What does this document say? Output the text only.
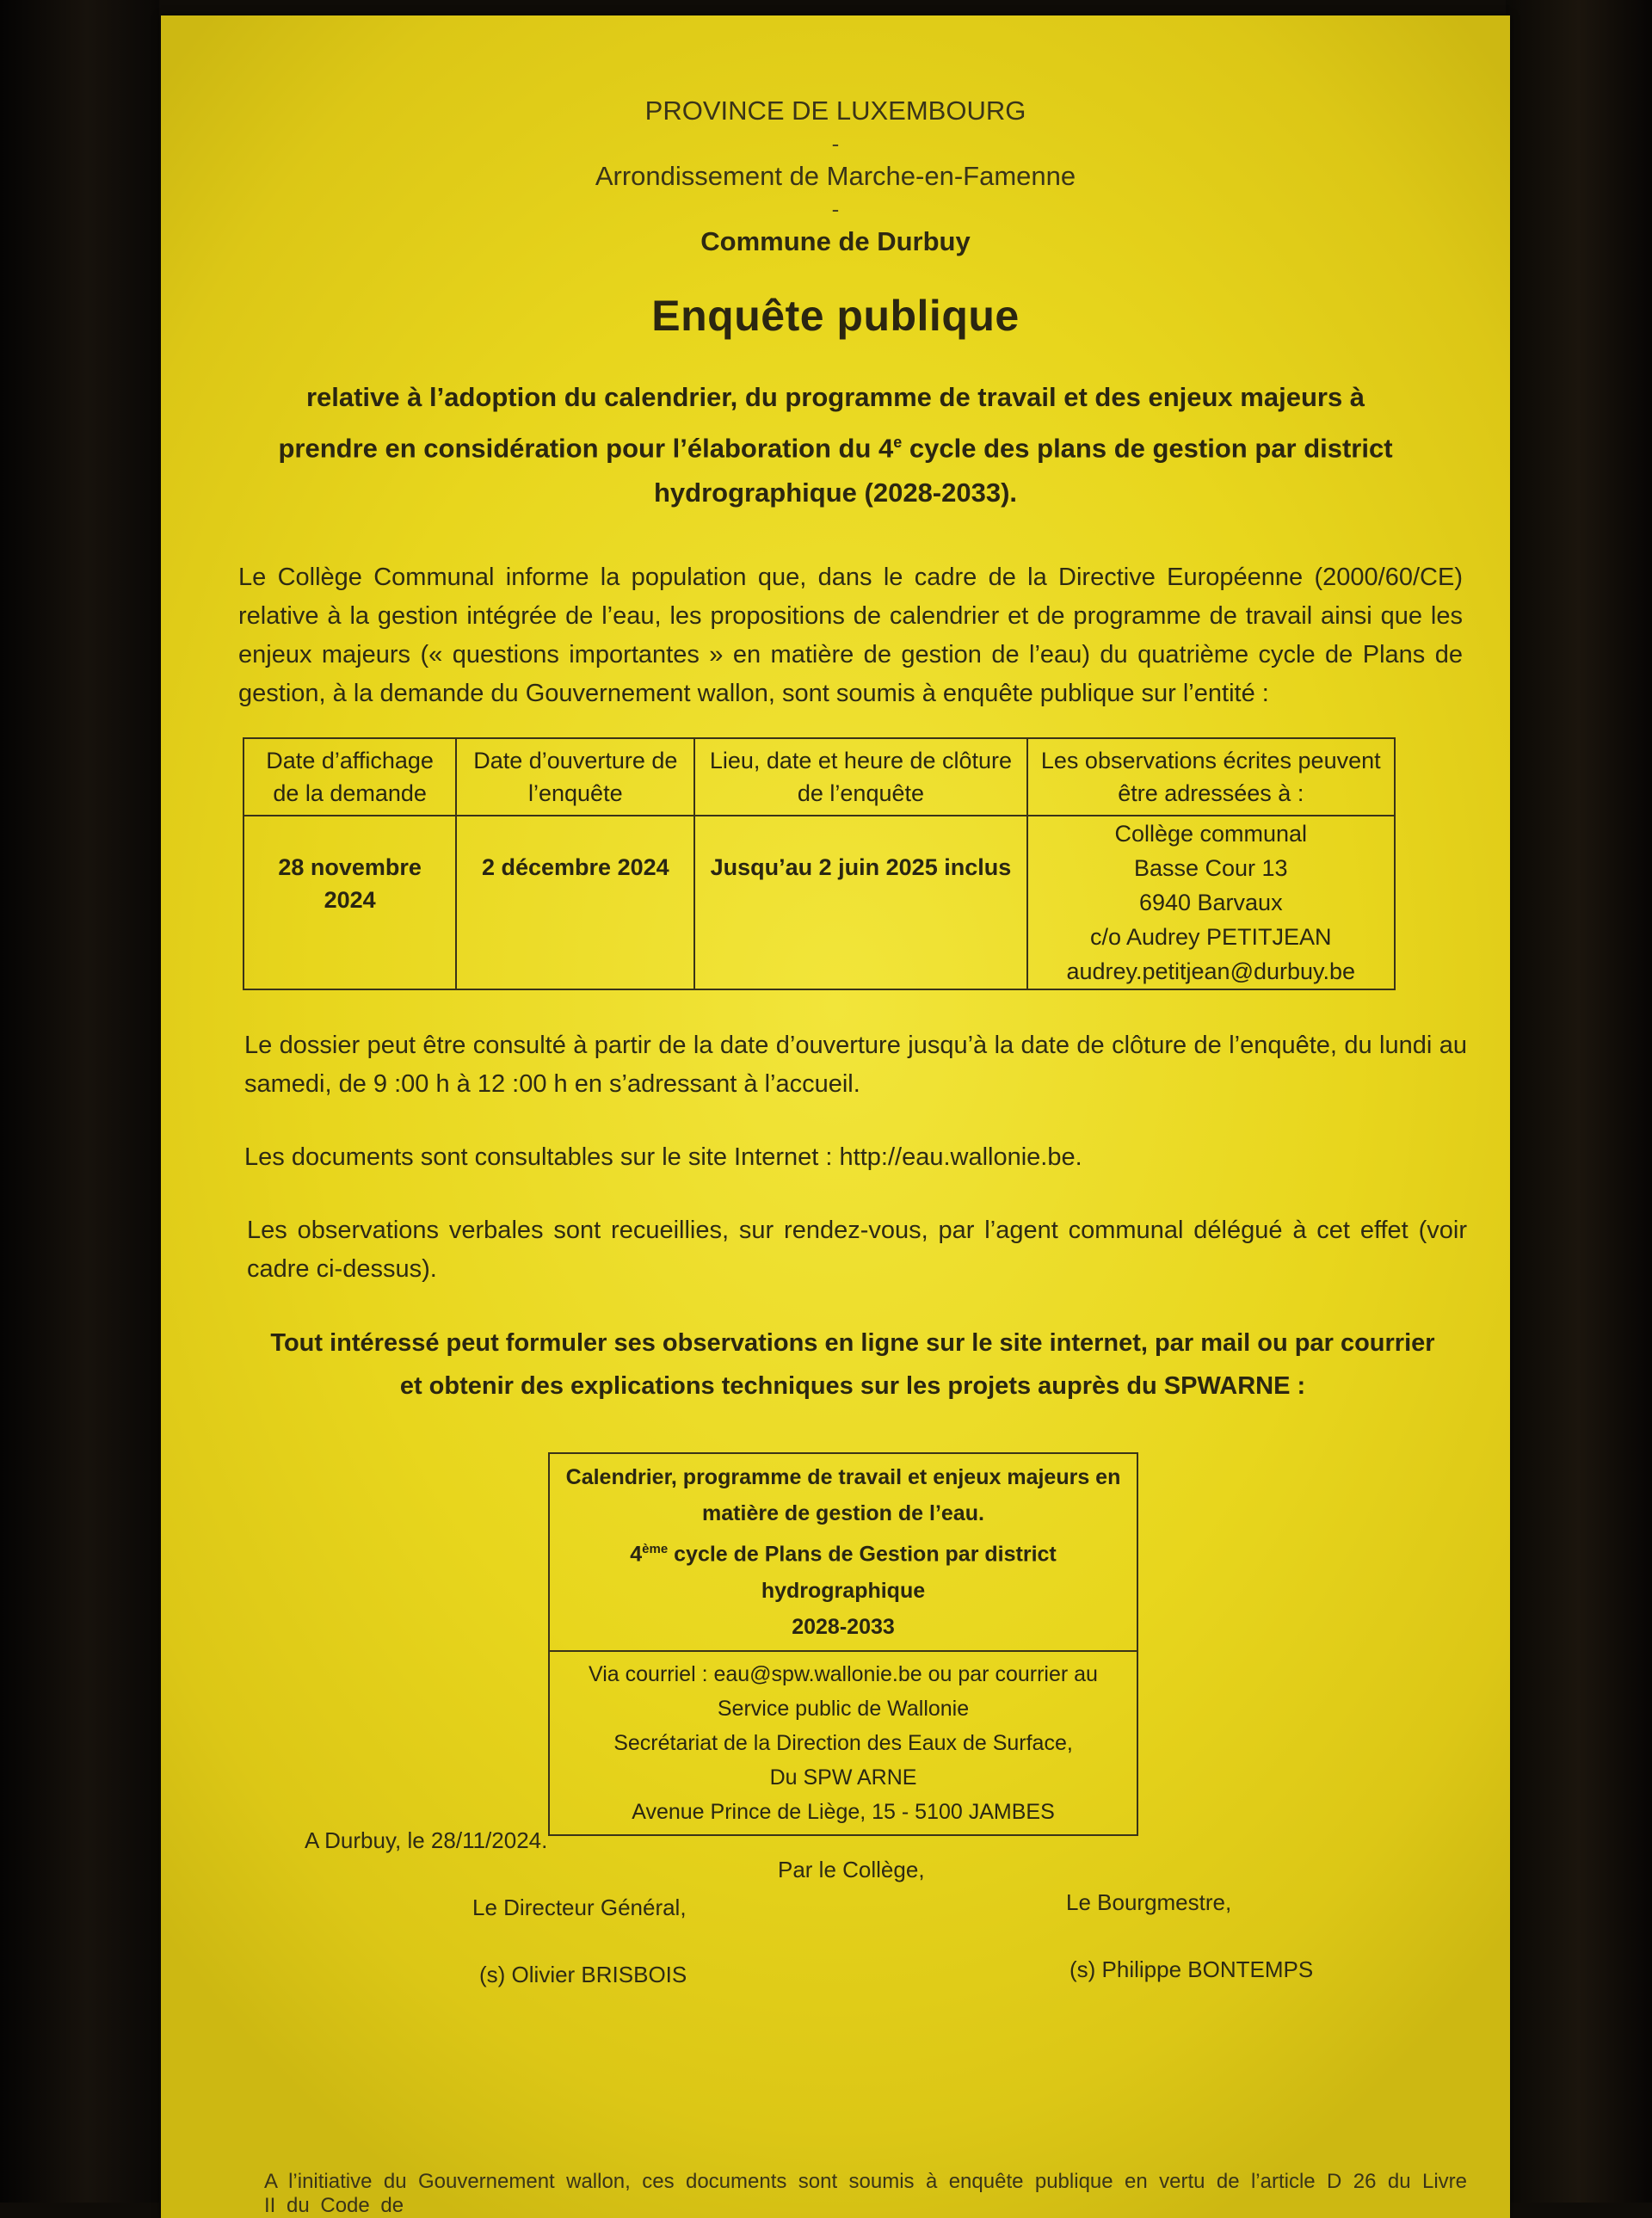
PROVINCE DE LUXEMBOURG
-
Arrondissement de Marche-en-Famenne
-
Commune de Durbuy
Enquête publique
relative à l’adoption du calendrier, du programme de travail et des enjeux majeurs à prendre en considération pour l’élaboration du 4e cycle des plans de gestion par district hydrographique (2028-2033).

Le Collège Communal informe la population que, dans le cadre de la Directive Européenne (2000/60/CE) relative à la gestion intégrée de l’eau, les propositions de calendrier et de programme de travail ainsi que les enjeux majeurs (« questions importantes » en matière de gestion de l’eau) du quatrième cycle de Plans de gestion, à la demande du Gouvernement wallon, sont soumis à enquête publique sur l’entité :

Date d’affichage de la demande	Date d’ouverture de l’enquête	Lieu, date et heure de clôture de l’enquête	Les observations écrites peuvent être adressées à :
28 novembre 2024	2 décembre 2024	Jusqu’au 2 juin 2025 inclus	Collège communal
Basse Cour 13
6940 Barvaux
c/o Audrey PETITJEAN
audrey.petitjean@durbuy.be

Le dossier peut être consulté à partir de la date d’ouverture jusqu’à la date de clôture de l’enquête, du lundi au samedi, de 9 :00 h à 12 :00 h en s’adressant à l’accueil.

Les documents sont consultables sur le site Internet : http://eau.wallonie.be.

Les observations verbales sont recueillies, sur rendez-vous, par l’agent communal délégué à cet effet (voir cadre ci-dessus).

Tout intéressé peut formuler ses observations en ligne sur le site internet, par mail ou par courrier et obtenir des explications techniques sur les projets auprès du SPWARNE :
Calendrier, programme de travail et enjeux majeurs en matière de gestion de l’eau.
4ème cycle de Plans de Gestion par district hydrographique
2028-2033

Via courriel : eau@spw.wallonie.be ou par courrier au
Service public de Wallonie
Secrétariat de la Direction des Eaux de Surface,
Du SPW ARNE
Avenue Prince de Liège, 15 - 5100 JAMBES
A Durbuy, le 28/11/2024.
Par le Collège,
Le Directeur Général,	Le Bourgmestre,
(s) Olivier BRISBOIS	(s) Philippe BONTEMPS
A l’initiative du Gouvernement wallon, ces documents sont soumis à enquête publique en vertu de l’article D 26 du Livre II du Code de
